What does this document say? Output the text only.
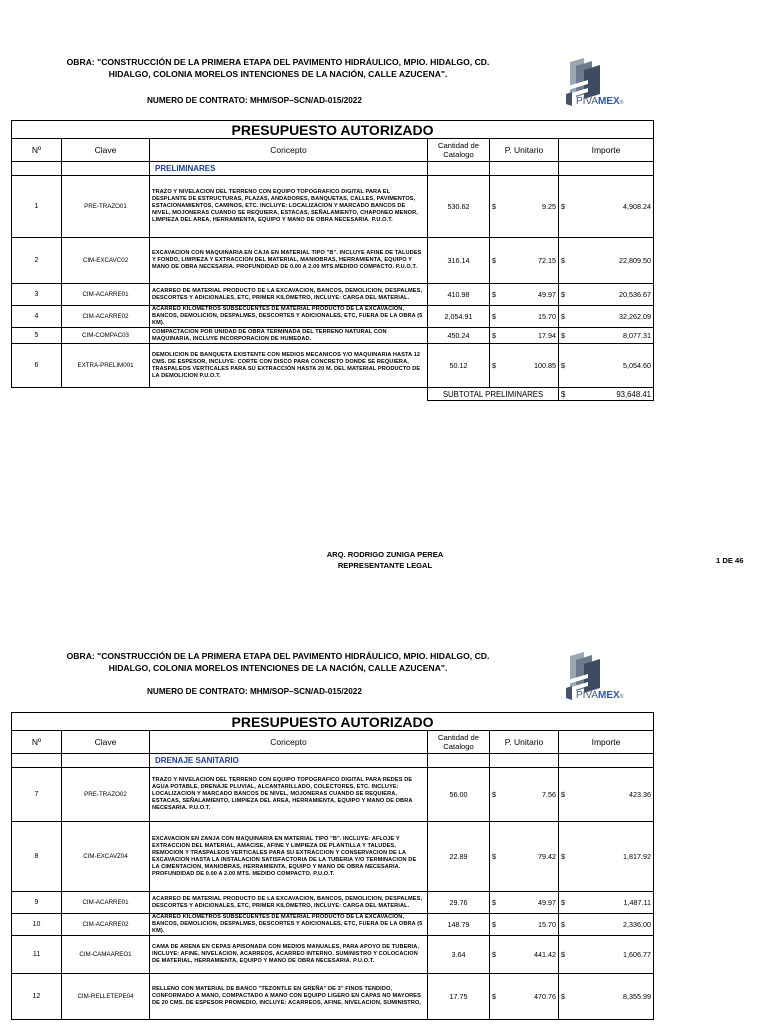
OBRA: "CONSTRUCCIÓN DE LA PRIMERA ETAPA DEL PAVIMENTO HIDRÁULICO, MPIO. HIDALGO, CD.
HIDALGO, COLONIA MORELOS INTENCIONES DE LA NACIÓN, CALLE AZUCENA".
NUMERO DE CONTRATO: MHM/SOP–SCN/AD-015/2022	PIVAMEX®
PRESUPUESTO AUTORIZADO					
Nº	Clave	Concepto	Cantidad de Catalogo	P. Unitario	Importe
		PRELIMINARES			
1	PRE-TRAZO01	TRAZO Y NIVELACION DEL TERRENO CON EQUIPO TOPOGRAFICO DIGITAL PARA EL DESPLANTE DE ESTRUCTURAS, PLAZAS, ANDADORES, BANQUETAS, CALLES, PAVIMENTOS, ESTACIONAMIENTOS, CAMINOS, ETC. INCLUYE: LOCALIZACION Y MARCADO BANCOS DE NIVEL, MOJONERAS CUANDO SE REQUIERA, ESTACAS, SEÑALAMIENTO, CHAPONEO MENOR, LIMPIEZA DEL AREA, HERRAMIENTA, EQUIPO Y MANO DE OBRA NECESARIA. P.U.O.T.	530.62	$ 9.25	$ 4,908.24

2	CIM-EXCAVC02	EXCAVACION CON MAQUINARIA EN CAJA EN MATERIAL TIPO "B". INCLUYE AFINE DE TALUDES Y FONDO, LIMPIEZA Y EXTRACCION DEL MATERIAL, MANIOBRAS, HERRAMIENTA, EQUIPO Y MANO DE OBRA NECESARIA. PROFUNDIDAD DE 0.00 A 2.00 MTS.MEDIDO COMPACTO. P.U.O.T.	316.14	$ 72.15	$ 22,809.50

3	CIM-ACARRE01	ACARREO DE MATERIAL PRODUCTO DE LA EXCAVACION, BANCOS, DEMOLICION, DESPALMES, DESCORTES Y ADICIONALES, ETC, PRIMER KILÓMETRO, INCLUYE: CARGA DEL MATERIAL.	410.98	$ 49.97	$ 20,536.67

4	CIM-ACARRE02	ACARREO KILÓMETROS SUBSECUENTES DE MATERIAL PRODUCTO DE LA EXCAVACION, BANCOS, DEMOLICION, DESPALMES, DESCORTES Y ADICIONALES, ETC, FUERA DE LA OBRA (5 KM).	2,054.91	$ 15.70	$ 32,262.09

5	CIM-COMPAC03	COMPACTACION POR UNIDAD DE OBRA TERMINADA DEL TERRENO NATURAL CON MAQUINARIA, INCLUYE INCORPORACION DE HUMEDAD.	450.24	$ 17.94	$ 8,077.31

6	EXTRA-PRELIM001	DEMOLICION DE BANQUETA EXISTENTE CON MEDIOS MECANICOS Y/O MAQUINARIA HASTA 12 CMS. DE ESPESOR, INCLUYE: CORTE CON DISCO PARA CONCRETO DONDE SE REQUIERA, TRASPALEOS VERTICALES PARA SU EXTRACCIÓN HASTA 20 M. DEL MATERIAL PRODUCTO DE LA DEMOLICION P.U.O.T.	50.12	$ 100.85	$ 5,054.60

			SUBTOTAL PRELIMINARES		$ 93,648.41
ARQ. RODRIGO ZUNIGA PEREA
REPRESENTANTE LEGAL
1 DE 46
OBRA: "CONSTRUCCIÓN DE LA PRIMERA ETAPA DEL PAVIMENTO HIDRÁULICO, MPIO. HIDALGO, CD.
HIDALGO, COLONIA MORELOS INTENCIONES DE LA NACIÓN, CALLE AZUCENA".
NUMERO DE CONTRATO: MHM/SOP–SCN/AD-015/2022	PIVAMEX®
PRESUPUESTO AUTORIZADO					
Nº	Clave	Concepto	Cantidad de Catalogo	P. Unitario	Importe
		DRENAJE SANITARIO			
7	PRE-TRAZO02	TRAZO Y NIVELACION DEL TERRENO CON EQUIPO TOPOGRAFICO DIGITAL PARA REDES DE AGUA POTABLE, DRENAJE PLUVIAL, ALCANTARILLADO, COLECTORES, ETC. INCLUYE: LOCALIZACION Y MARCADO BANCOS DE NIVEL, MOJONERAS CUANDO SE REQUIERA, ESTACAS, SEÑALAMIENTO, LIMPIEZA DEL AREA, HERRAMIENTA, EQUIPO Y MANO DE OBRA NECESARIA. P.U.O.T.	56.00	$ 7.56	$ 423.36

8	CIM-EXCAVZ04	EXCAVACION EN ZANJA CON MAQUINARIA EN MATERIAL TIPO "B". INCLUYE: AFLOJE Y EXTRACCION DEL MATERIAL, AMACISE, AFINE Y LIMPIEZA DE PLANTILLA Y TALUDES, REMOCION Y TRASPALEOS VERTICALES PARA SU EXTRACCION Y CONSERVACION DE LA EXCAVACION HASTA LA INSTALACION SATISFACTORIA DE LA TUBERIA Y/O TERMINACION DE LA CIMENTACION, MANIOBRAS, HERRAMIENTA, EQUIPO Y MANO DE OBRA NECESARIA. PROFUNDIDAD DE 0.00 A 2.00 MTS. MEDIDO COMPACTO. P.U.O.T.	22.89	$ 79.42	$ 1,817.92

9	CIM-ACARRE01	ACARREO DE MATERIAL PRODUCTO DE LA EXCAVACION, BANCOS, DEMOLICION, DESPALMES, DESCORTES Y ADICIONALES, ETC, PRIMER KILÓMETRO, INCLUYE: CARGA DEL MATERIAL.	29.76	$ 49.97	$ 1,487.11

10	CIM-ACARRE02	ACARREO KILÓMETROS SUBSECUENTES DE MATERIAL PRODUCTO DE LA EXCAVACION, BANCOS, DEMOLICION, DESPALMES, DESCORTES Y ADICIONALES, ETC, FUERA DE LA OBRA (5 KM).	148.79	$ 15.70	$ 2,336.00

11	CIM-CAMAAREO1	CAMA DE ARENA EN CEPAS APISONADA CON MEDIOS MANUALES, PARA APOYO DE TUBERIA, INCLUYE: AFINE, NIVELACION, ACARREOS, ACARREO INTERNO, SUMINISTRO Y COLOCACION DE MATERIAL, HERRAMIENTA, EQUIPO Y MANO DE OBRA NECESARIA. P.U.O.T.	3.64	$ 441.42	$ 1,606.77

12	CIM-RELLETEPE04	RELLENO CON MATERIAL DE BANCO "TEZONTLE EN GREÑA" DE 3" FINOS TENDIDO, CONFORMADO A MANO, COMPACTADO A MANO CON EQUIPO LIGERO EN CAPAS NO MAYORES DE 20 CMS. DE ESPESOR PROMEDIO, INCLUYE: ACARREOS, AFINE, NIVELACION, SUMINISTRO,	17.75	$ 470.76	$ 8,355.99
